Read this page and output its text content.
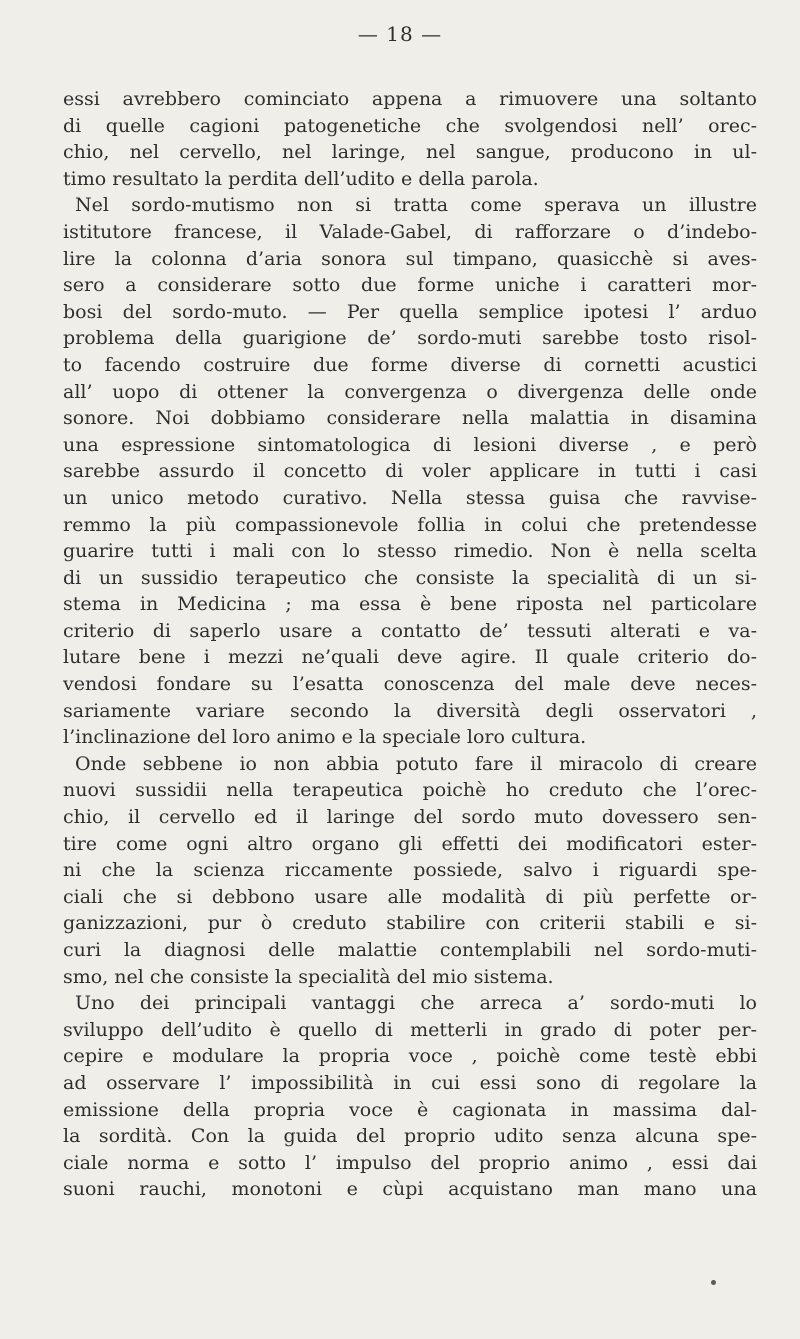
— 18 —
essi avrebbero cominciato appena a rimuovere una soltanto
di quelle cagioni patogenetiche che svolgendosi nell’ orec-
chio, nel cervello, nel laringe, nel sangue, producono in ul-
timo resultato la perdita dell’udito e della parola.
Nel sordo-mutismo non si tratta come sperava un illustre
istitutore francese, il Valade-Gabel, di rafforzare o d’indebo-
lire la colonna d’aria sonora sul timpano, quasicchè si aves-
sero a considerare sotto due forme uniche i caratteri mor-
bosi del sordo-muto. — Per quella semplice ipotesi l’ arduo
problema della guarigione de’ sordo-muti sarebbe tosto risol-
to facendo costruire due forme diverse di cornetti acustici
all’ uopo di ottener la convergenza o divergenza delle onde
sonore. Noi dobbiamo considerare nella malattia in disamina
una espressione sintomatologica di lesioni diverse , e però
sarebbe assurdo il concetto di voler applicare in tutti i casi
un unico metodo curativo. Nella stessa guisa che ravvise-
remmo la più compassionevole follia in colui che pretendesse
guarire tutti i mali con lo stesso rimedio. Non è nella scelta
di un sussidio terapeutico che consiste la specialità di un si-
stema in Medicina ; ma essa è bene riposta nel particolare
criterio di saperlo usare a contatto de’ tessuti alterati e va-
lutare bene i mezzi ne’quali deve agire. Il quale criterio do-
vendosi fondare su l’esatta conoscenza del male deve neces-
sariamente variare secondo la diversità degli osservatori ,
l’inclinazione del loro animo e la speciale loro cultura.
Onde sebbene io non abbia potuto fare il miracolo di creare
nuovi sussidii nella terapeutica poichè ho creduto che l’orec-
chio, il cervello ed il laringe del sordo muto dovessero sen-
tire come ogni altro organo gli effetti dei modificatori ester-
ni che la scienza riccamente possiede, salvo i riguardi spe-
ciali che si debbono usare alle modalità di più perfette or-
ganizzazioni, pur ò creduto stabilire con criterii stabili e si-
curi la diagnosi delle malattie contemplabili nel sordo-muti-
smo, nel che consiste la specialità del mio sistema.
Uno dei principali vantaggi che arreca a’ sordo-muti lo
sviluppo dell’udito è quello di metterli in grado di poter per-
cepire e modulare la propria voce , poichè come testè ebbi
ad osservare l’ impossibilità in cui essi sono di regolare la
emissione della propria voce è cagionata in massima dal-
la sordità. Con la guida del proprio udito senza alcuna spe-
ciale norma e sotto l’ impulso del proprio animo , essi dai
suoni rauchi, monotoni e cùpi acquistano man mano una
